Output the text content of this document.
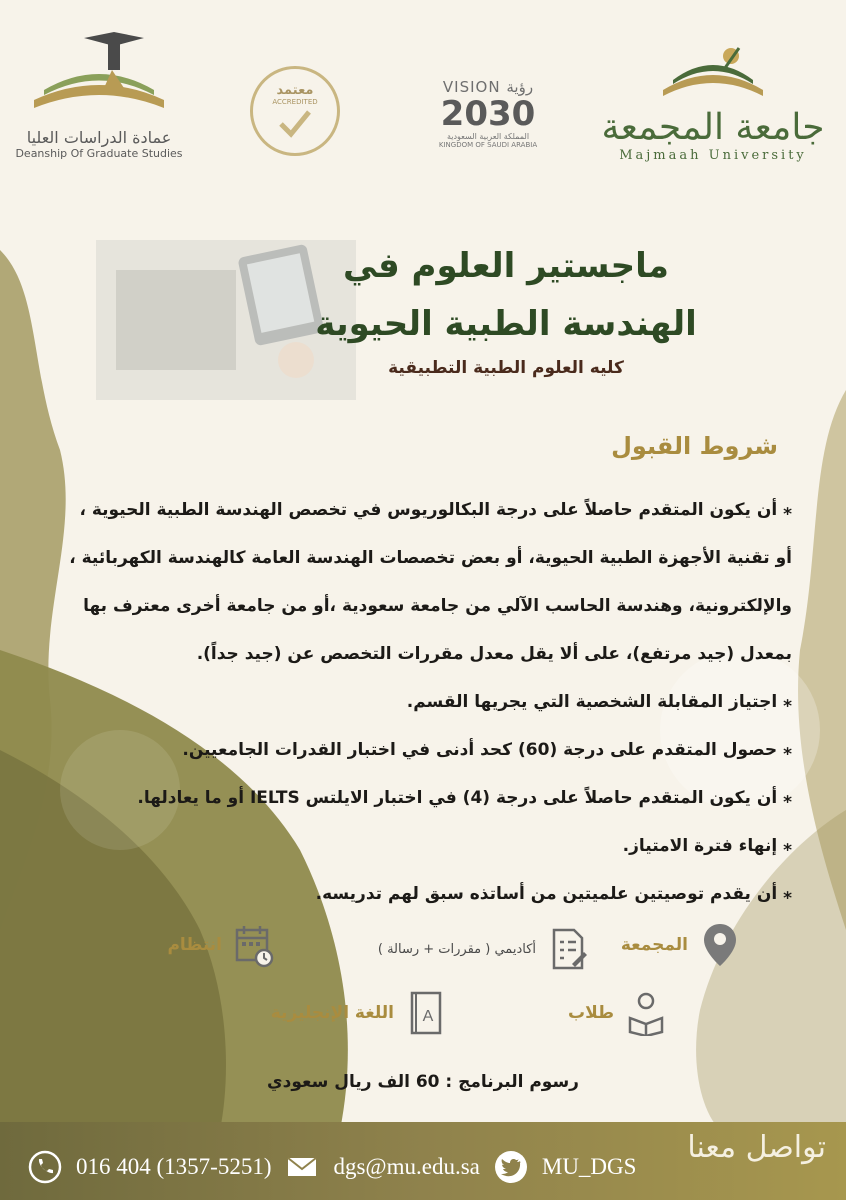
جامعة المجمعة
Majmaah University
VISION رؤية
2030
المملكة العربية السعودية
KINGDOM OF SAUDI ARABIA
معتمد
ACCREDITED
عمادة الدراسات العليا
Deanship Of Graduate Studies
ماجستير العلوم في
الهندسة الطبية الحيوية
كليه العلوم الطبية التطبيقية
شروط القبول
⁎ أن يكون المتقدم حاصلاً على درجة البكالوريوس في تخصص الهندسة الطبية الحيوية ،
أو تقنية الأجهزة الطبية الحيوية، أو بعض تخصصات الهندسة العامة كالهندسة الكهربائية ،
والإلكترونية، وهندسة الحاسب الآلي من جامعة سعودية ،أو من جامعة أخرى معترف بها
بمعدل (جيد مرتفع)، على ألا يقل معدل مقررات التخصص عن (جيد جداً).
⁎ اجتياز المقابلة الشخصية التي يجريها القسم.
⁎ حصول المتقدم على درجة (60) كحد أدنى في اختبار القدرات الجامعيين.
⁎ أن يكون المتقدم حاصلاً على درجة (4) في اختبار الايلتس IELTS أو ما يعادلها.
⁎ إنهاء فترة الامتياز.
⁎ أن يقدم توصيتين علميتين من أساتذه سبق لهم تدريسه.
المجمعة
أكاديمي ( مقررات + رسالة )
انتظام
طلاب
A
اللغة الإنجليزية
رسوم البرنامج : 60 الف ريال سعودي
تواصل معنا
016 404 (1357-5251)	dgs@mu.edu.sa	MU_DGS
